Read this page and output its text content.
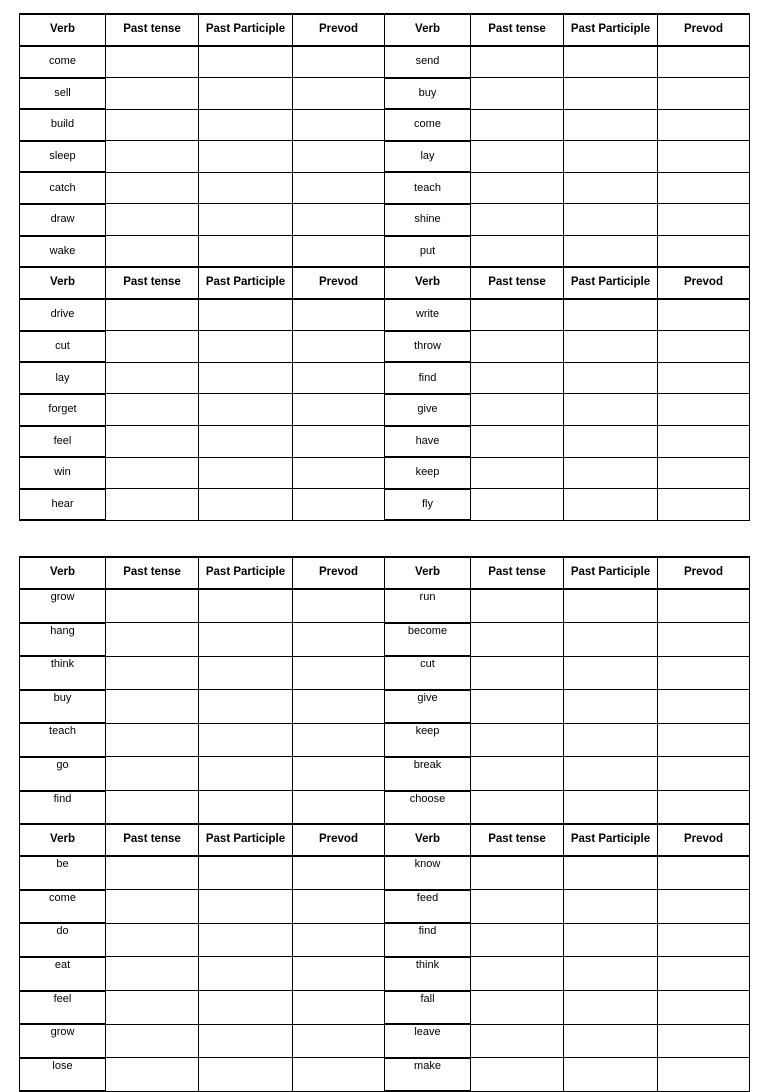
Verb	Past tense	Past Participle	Prevod	Verb	Past tense	Past Participle	Prevod
come				send			
sell				buy			
build				come			
sleep				lay			
catch				teach			
draw				shine			
wake				put			
Verb	Past tense	Past Participle	Prevod	Verb	Past tense	Past Participle	Prevod
drive				write			
cut				throw			
lay				find			
forget				give			
feel				have			
win				keep			
hear				fly			
Verb	Past tense	Past Participle	Prevod	Verb	Past tense	Past Participle	Prevod
grow				run			
hang				become			
think				cut			
buy				give			
teach				keep			
go				break			
find				choose			
Verb	Past tense	Past Participle	Prevod	Verb	Past tense	Past Participle	Prevod
be				know			
come				feed			
do				find			
eat				think			
feel				fall			
grow				leave			
lose				make			
